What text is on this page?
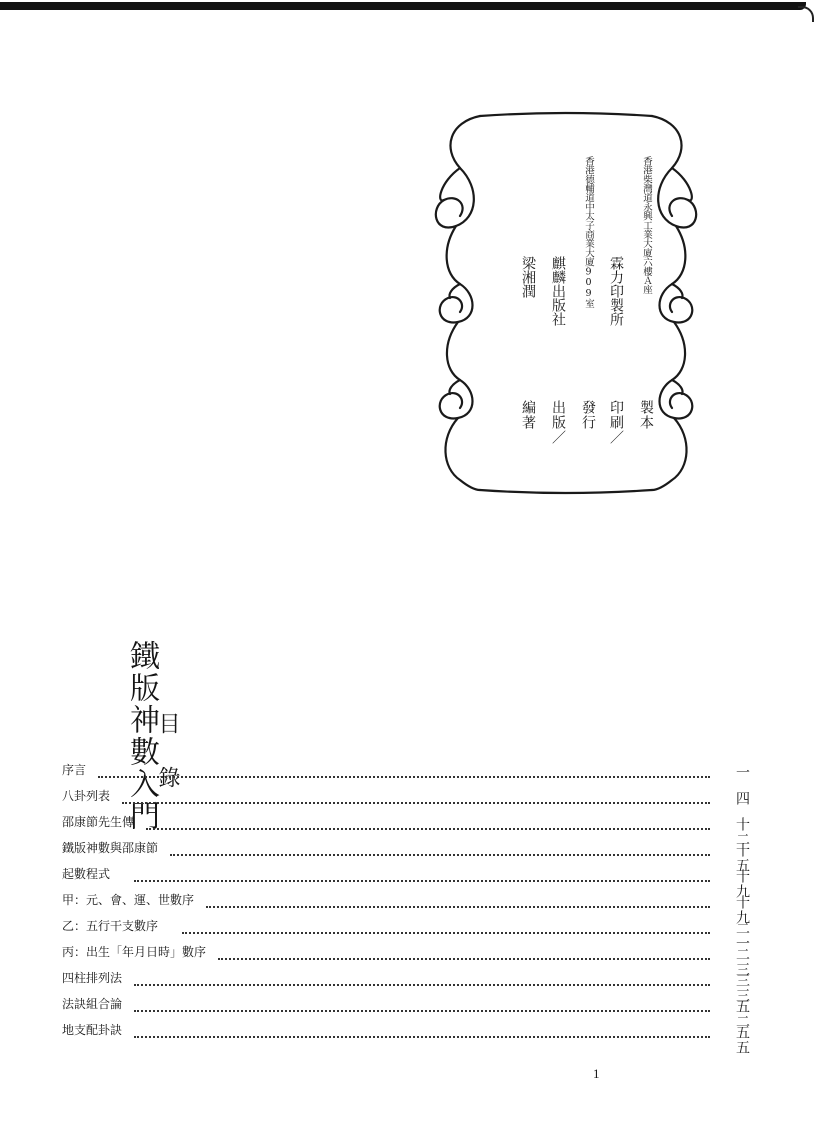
梁湘潤
編著
麒麟出版社
出版／
香港德輔道中太子商業大廈909室
發行
霖力印製所
印刷／
香港柴灣道永興工業大廈六樓Ａ座
製本
鐵版神數入門
目錄
序言	一
八卦列表	四
邵康節先生傳	十二
鐵版神數與邵康節	十五
起數程式	十九
甲：元、會、運、世數序	十九
乙：五行干支數序	二一
丙：出生「年月日時」數序	二三
四柱排列法	三三
法訣組合論	五二
地支配卦訣	五五
1
